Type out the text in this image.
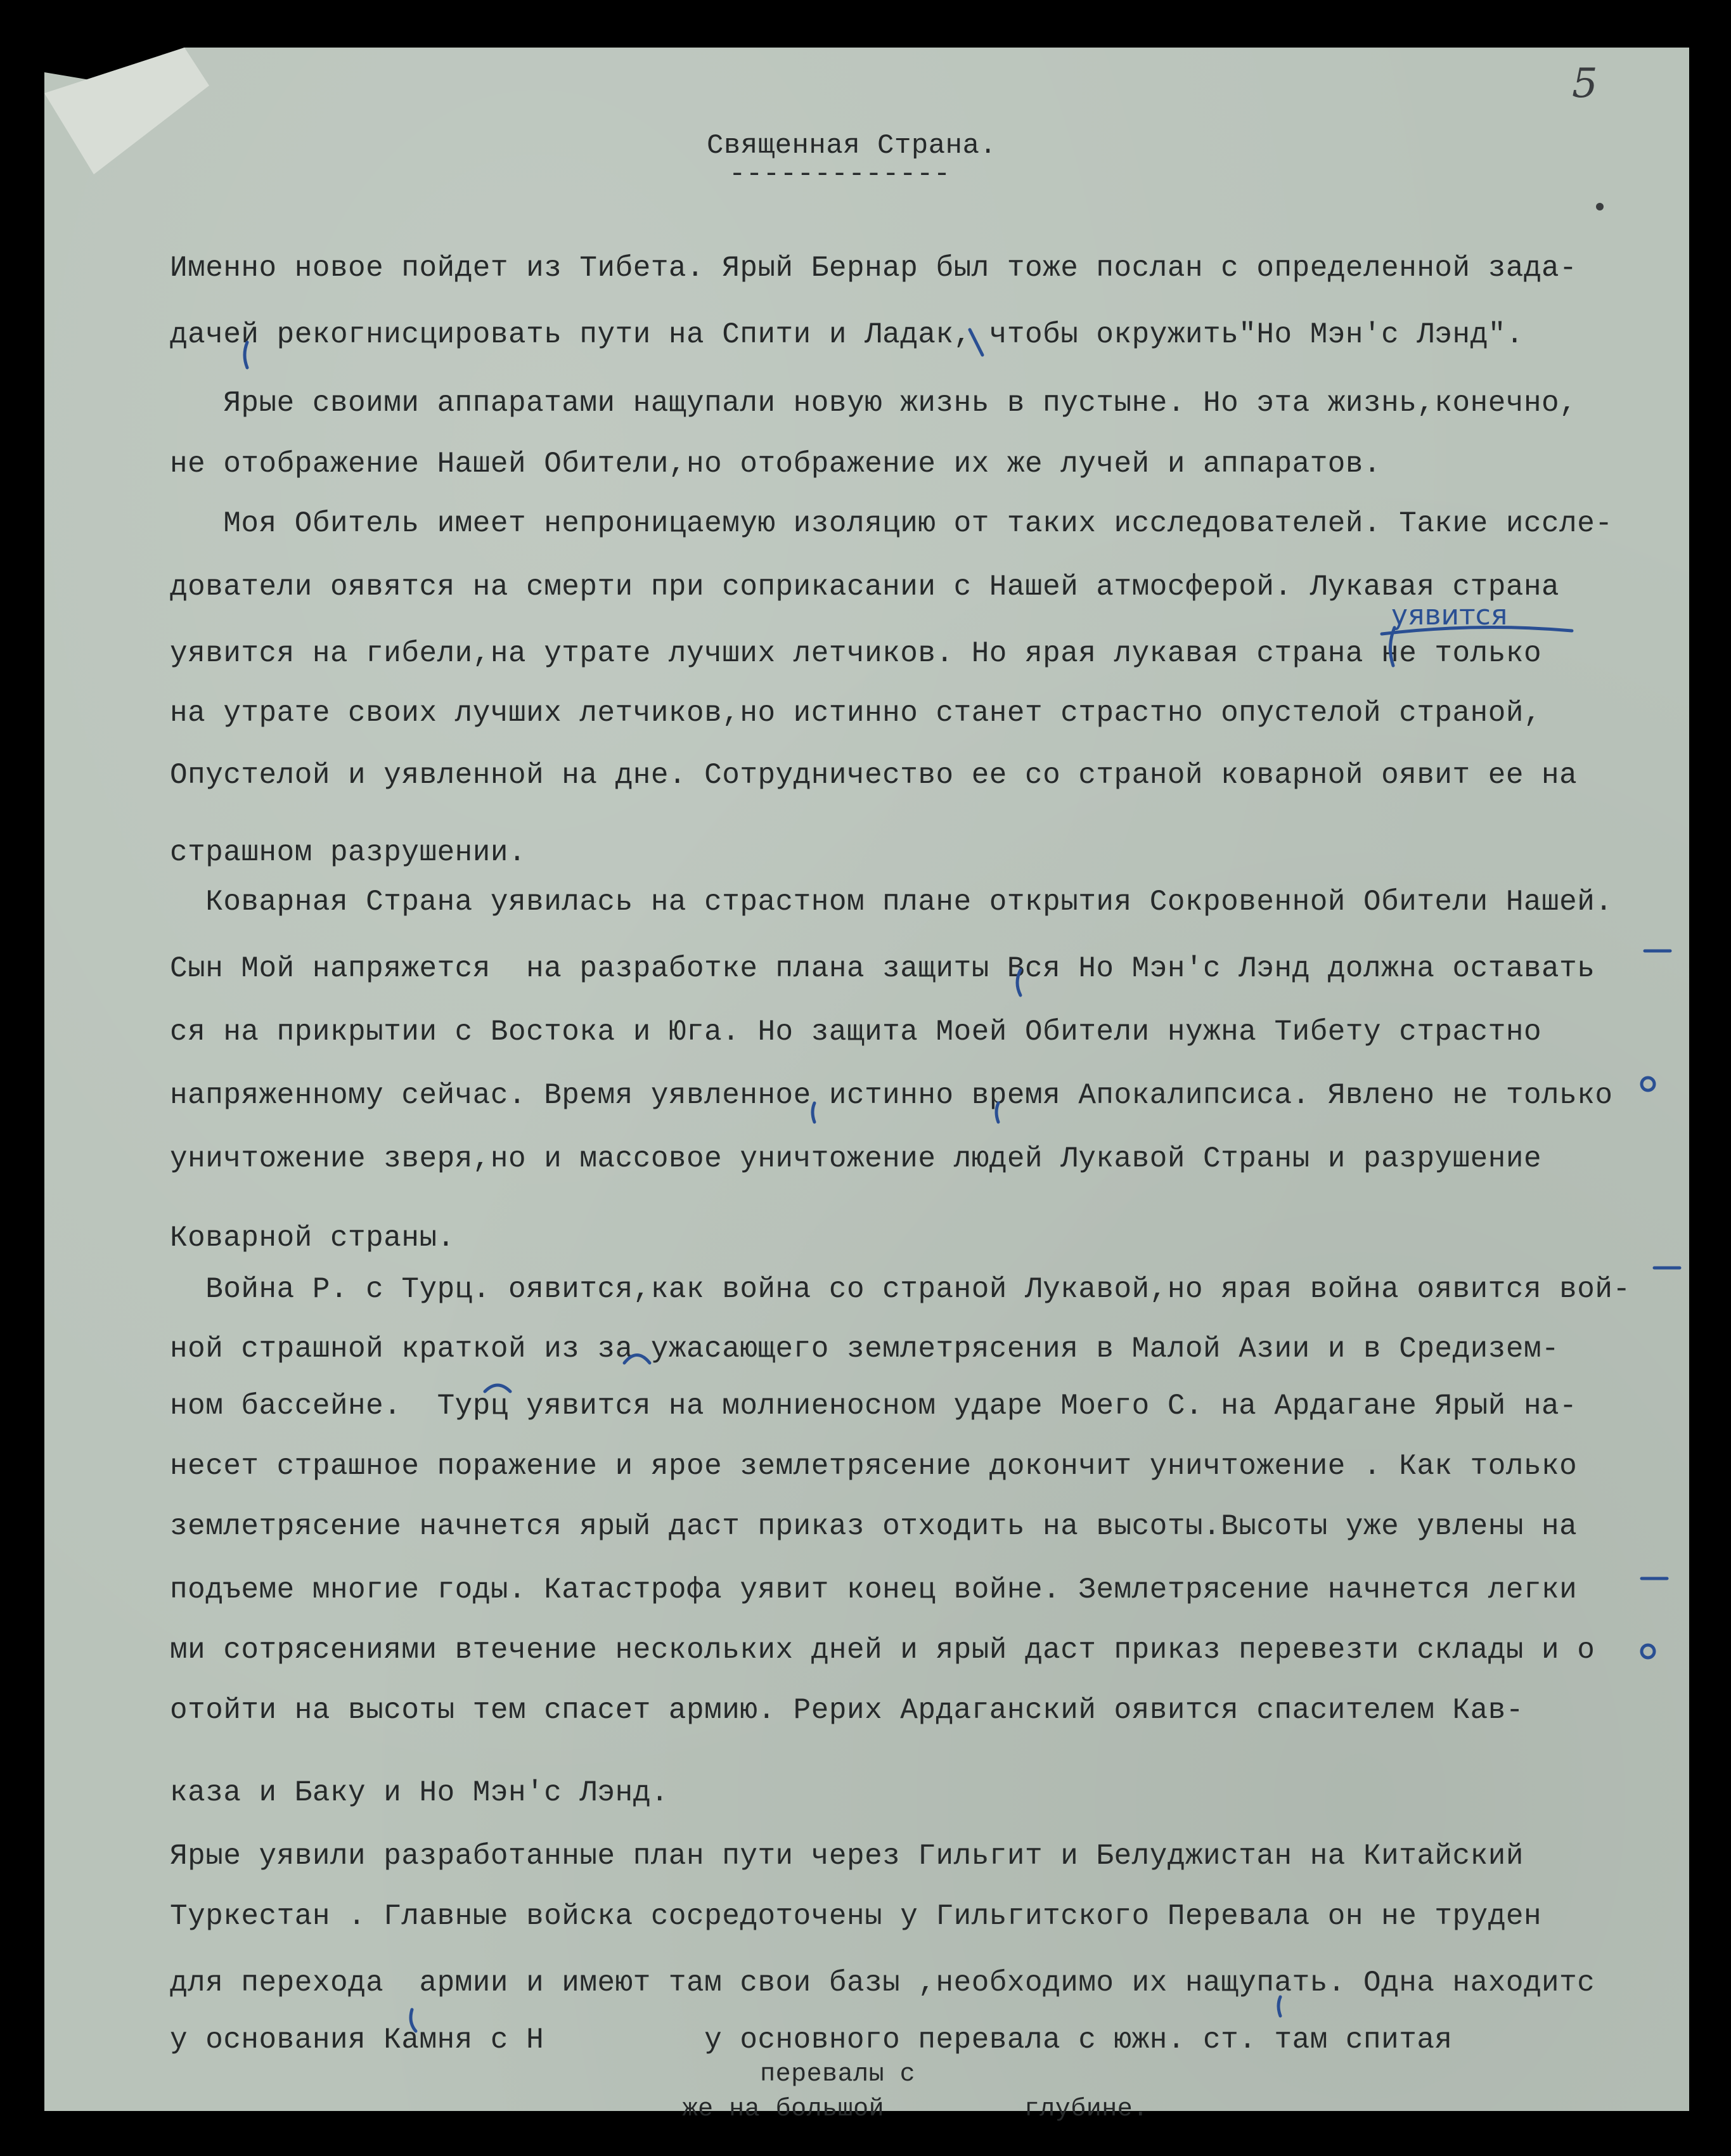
5
Священная Страна.
-------------
Именно новое пойдет из Тибета. Ярый Бернар был тоже послан с определенной зада-
дачей рекогнисцировать пути на Спити и Ладак, чтобы окружить"Но Мэн'с Лэнд".
Ярые своими аппаратами нащупали новую жизнь в пустыне. Но эта жизнь,конечно,
не отображение Нашей Обители,но отображение их же лучей и аппаратов.
Моя Обитель имеет непроницаемую изоляцию от таких исследователей. Такие иссле-
дователи оявятся на смерти при соприкасании с Нашей атмосферой. Лукавая страна
уявится на гибели,на утрате лучших летчиков. Но ярая лукавая страна не только
на утрате своих лучших летчиков,но истинно станет страстно опустелой страной,
Опустелой и уявленной на дне. Сотрудничество ее со страной коварной оявит ее на
страшном разрушении.
Коварная Страна уявилась на страстном плане открытия Сокровенной Обители Нашей.
Сын Мой напряжется  на разработке плана защиты Вся Но Мэн'с Лэнд должна оставать
ся на прикрытии с Востока и Юга. Но защита Моей Обители нужна Тибету страстно
напряженному сейчас. Время уявленное истинно время Апокалипсиса. Явлено не только
уничтожение зверя,но и массовое уничтожение людей Лукавой Страны и разрушение
Коварной страны.
Война Р. с Турц. оявится,как война со страной Лукавой,но ярая война оявится вой-
ной страшной краткой из за ужасающего землетрясения в Малой Азии и в Средизем-
ном бассейне.  Турц уявится на молниеносном ударе Моего С. на Ардагане Ярый на-
несет страшное поражение и ярое землетрясение докончит уничтожение . Как только
землетрясение начнется ярый даст приказ отходить на высоты.Высоты уже увлены на
подъеме многие годы. Катастрофа уявит конец войне. Землетрясение начнется легки
ми сотрясениями втечение нескольких дней и ярый даст приказ перевезти склады и о
отойти на высоты тем спасет армию. Рерих Ардаганский оявится спасителем Кав-
каза и Баку и Но Мэн'с Лэнд.
Ярые уявили разработанные план пути через Гильгит и Белуджистан на Китайский
Туркестан . Главные войска сосредоточены у Гильгитского Перевала он не труден
для перехода  армии и имеют там свои базы ,необходимо их нащупать. Одна находитс
у основания Камня с Н         у основного перевала с южн. ст. там спитая
перевалы с
же на большой         глубине.
уявится
